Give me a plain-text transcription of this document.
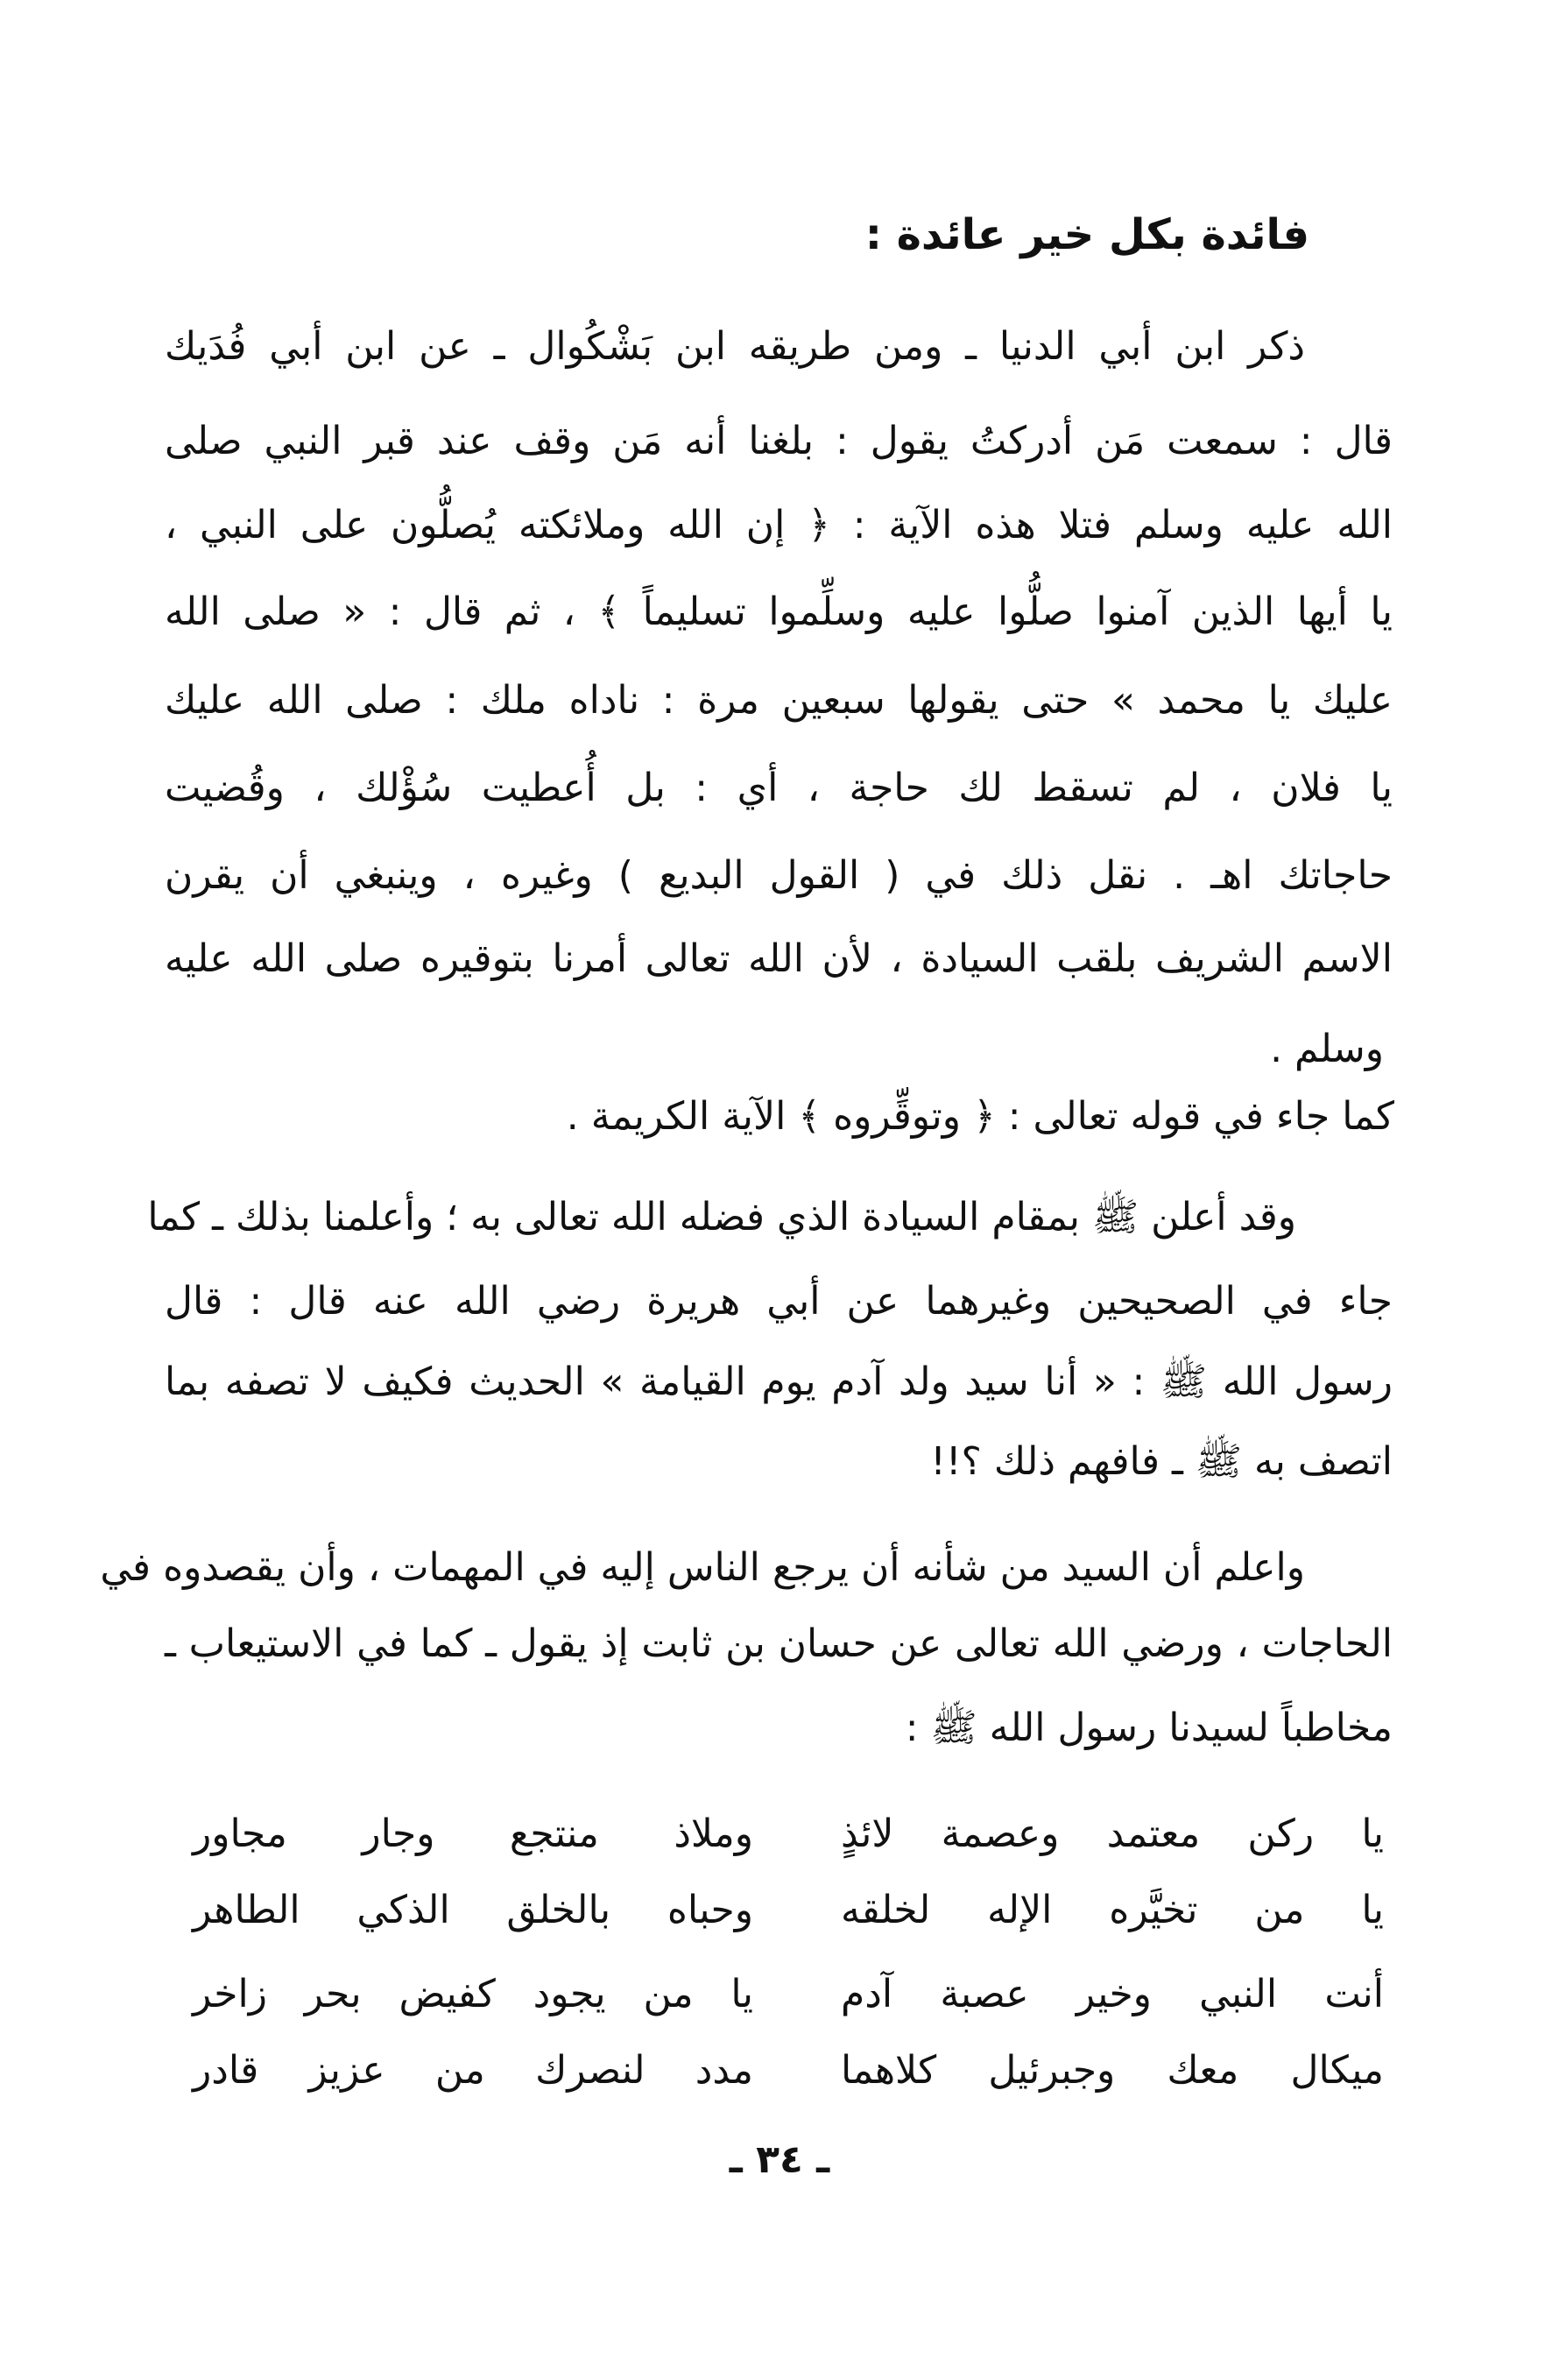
فائدة بكل خير عائدة :
ذكر ابن أبي الدنيا ـ ومن طريقه ابن بَشْكُوال ـ عن ابن أبي فُدَيك
قال : سمعت مَن أدركتُ يقول : بلغنا أنه مَن وقف عند قبر النبي صلى
الله عليه وسلم فتلا هذه الآية : ﴿ إن الله وملائكته يُصلُّون على النبي ،
يا أيها الذين آمنوا صلُّوا عليه وسلِّموا تسليماً ﴾ ، ثم قال : « صلى الله
عليك يا محمد » حتى يقولها سبعين مرة : ناداه ملك : صلى الله عليك
يا فلان ، لم تسقط لك حاجة ، أي : بل أُعطيت سُؤْلك ، وقُضيت
حاجاتك اهـ . نقل ذلك في ( القول البديع ) وغيره ، وينبغي أن يقرن
الاسم الشريف بلقب السيادة ، لأن الله تعالى أمرنا بتوقيره صلى الله عليه
وسلم .
كما جاء في قوله تعالى : ﴿ وتوقِّروه ﴾ الآية الكريمة .
وقد أعلن ﷺ بمقام السيادة الذي فضله الله تعالى به ؛ وأعلمنا بذلك ـ كما
جاء في الصحيحين وغيرهما عن أبي هريرة رضي الله عنه قال : قال
رسول الله ﷺ : « أنا سيد ولد آدم يوم القيامة » الحديث فكيف لا تصفه بما
اتصف به ﷺ ـ فافهم ذلك ؟!!
واعلم أن السيد من شأنه أن يرجع الناس إليه في المهمات ، وأن يقصدوه في
الحاجات ، ورضي الله تعالى عن حسان بن ثابت إذ يقول ـ كما في الاستيعاب ـ
مخاطباً لسيدنا رسول الله ﷺ :
يا ركن معتمد وعصمة لائذٍ
وملاذ منتجع وجار مجاور
يا من تخيَّره الإله لخلقه
وحباه بالخلق الذكي الطاهر
أنت النبي وخير عصبة آدم
يا من يجود كفيض بحر زاخر
ميكال معك وجبرئيل كلاهما
مدد لنصرك من عزيز قادر
ـ ٣٤ ـ
